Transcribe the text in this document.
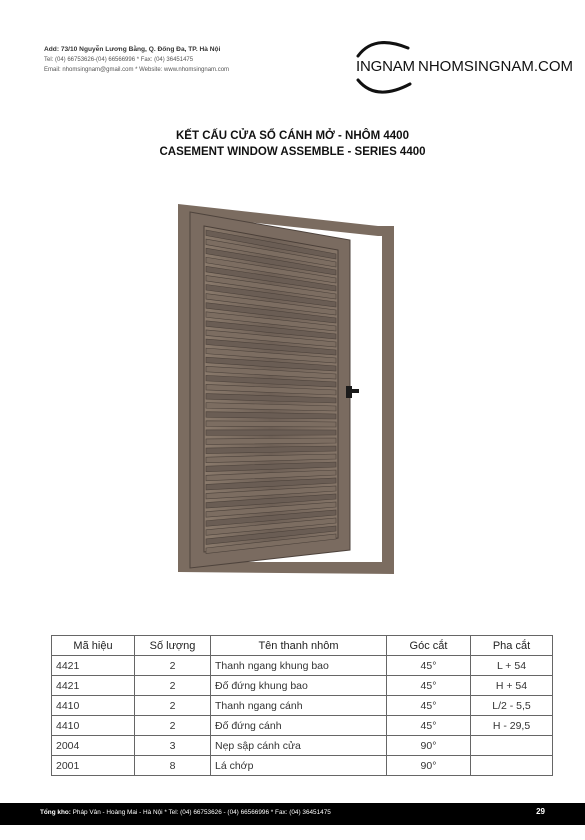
Add: 73/10 Nguyễn Lương Bằng, Q. Đống Đa, TP. Hà Nội
Tel: (04) 66753626-(04) 66566996 * Fax: (04) 36451475
Email: nhomsingnam@gmail.com * Website: www.nhomsingnam.com	INGNAM NHOMSINGNAM.COM
KẾT CẤU CỬA SỔ CÁNH MỞ - NHÔM 4400
CASEMENT WINDOW ASSEMBLE - SERIES 4400
Mã hiệu	Số lượng	Tên thanh nhôm	Góc cắt	Pha cắt
4421	2	Thanh ngang khung bao	45°	L + 54
4421	2	Đố đứng khung bao	45°	H + 54
4410	2	Thanh ngang cánh	45°	L/2 - 5,5
4410	2	Đố đứng cánh	45°	H - 29,5
2004	3	Nẹp sập cánh cửa	90°	
2001	8	Lá chớp	90°	
Tổng kho: Pháp Vân - Hoàng Mai - Hà Nội * Tel: (04) 66753626 - (04) 66566996 * Fax: (04) 36451475	29
